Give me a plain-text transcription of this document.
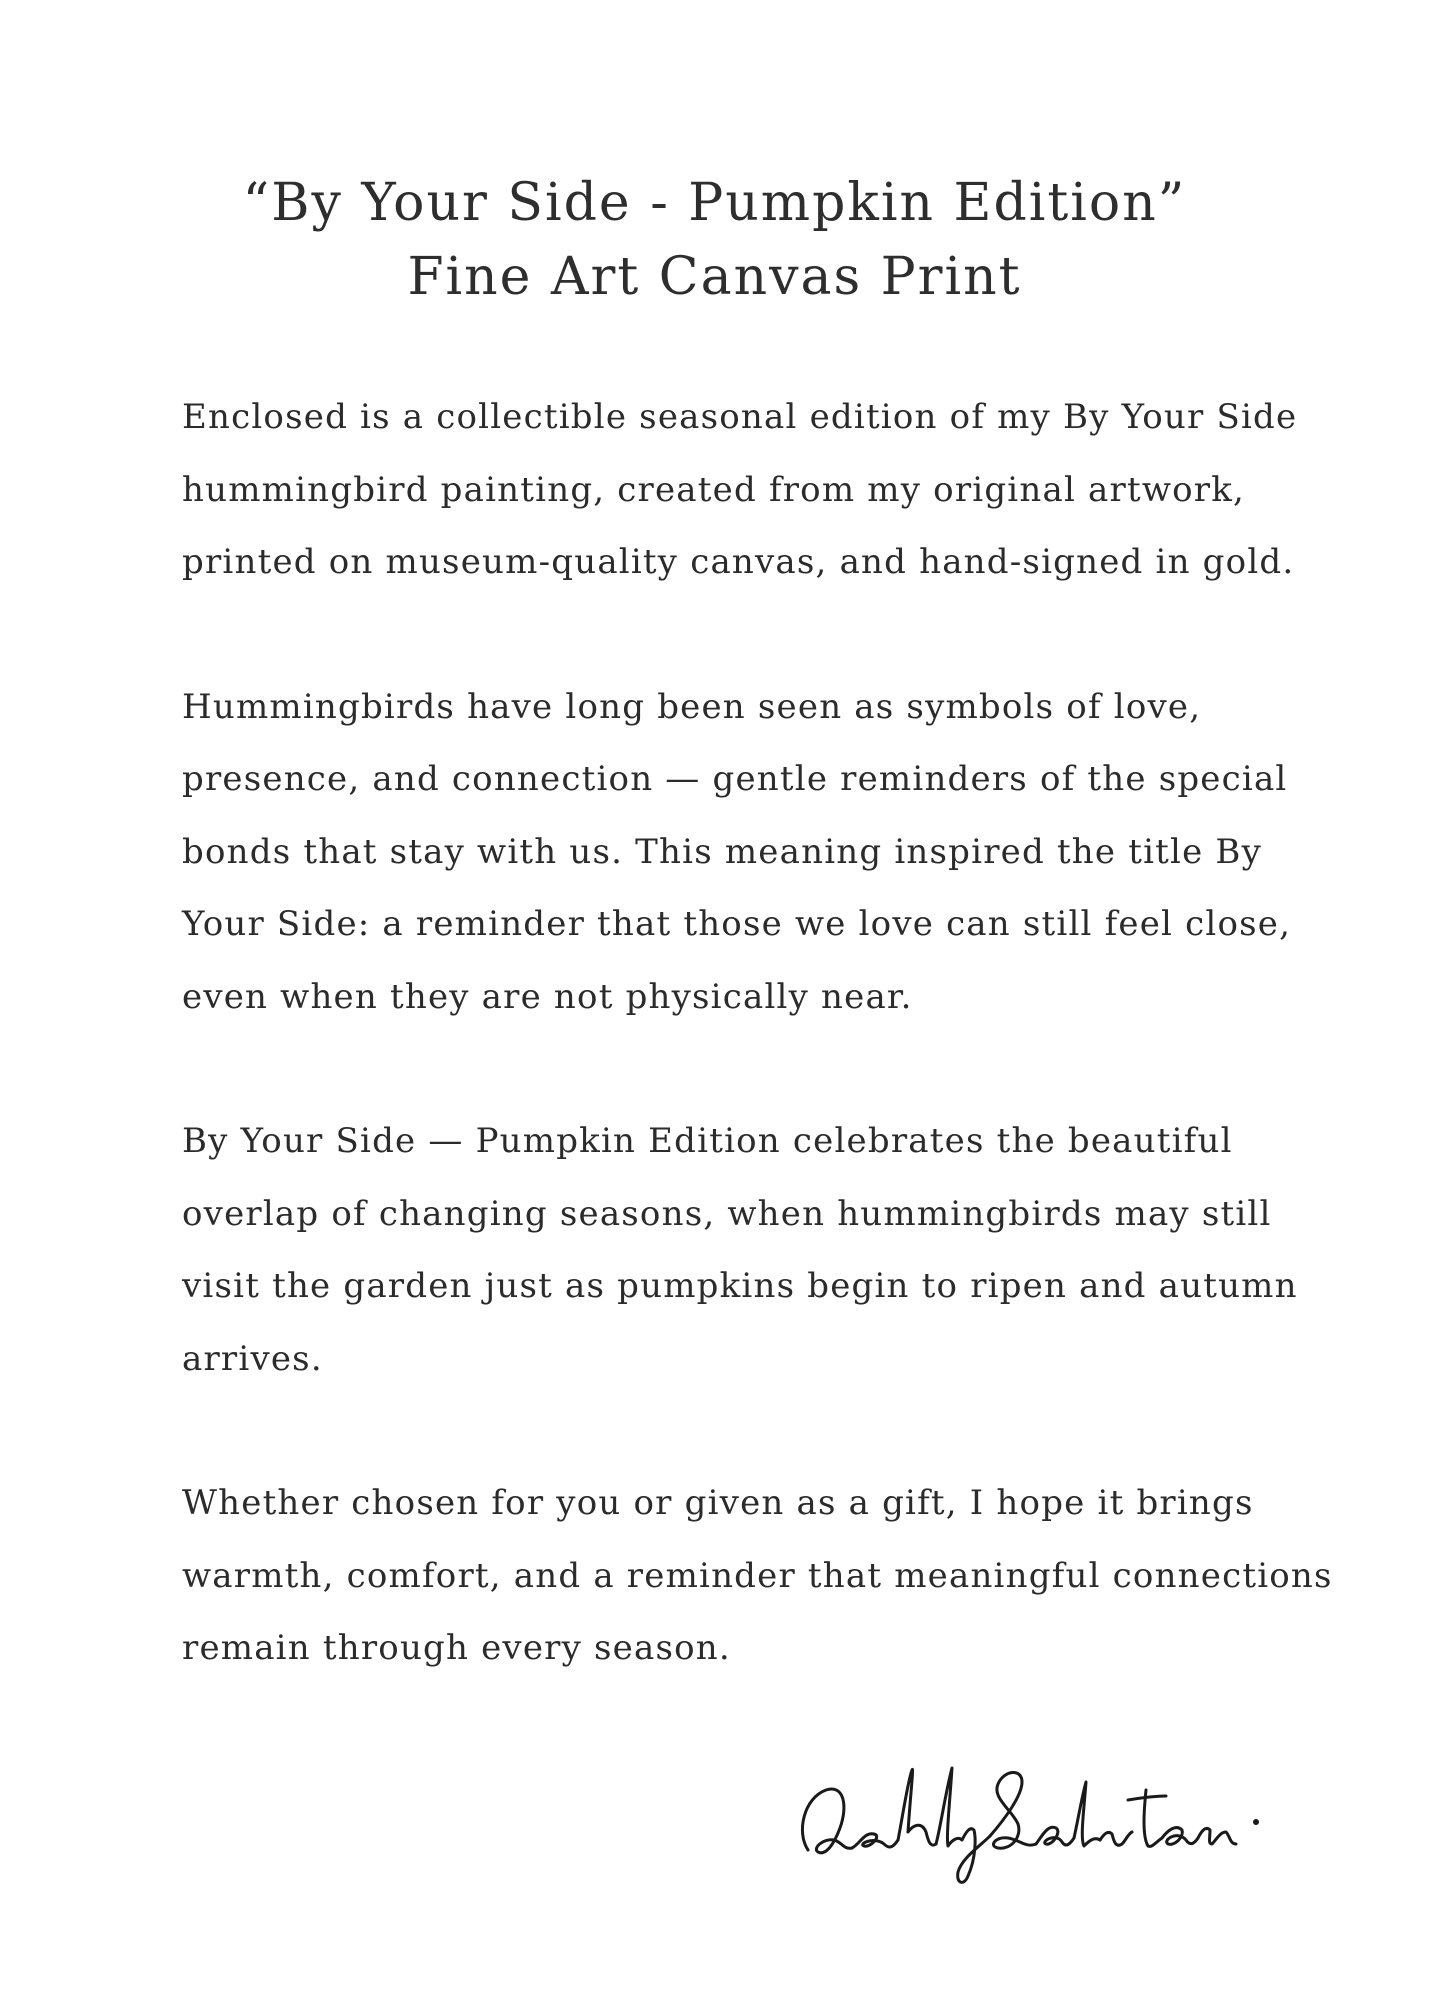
“By Your Side - Pumpkin Edition”
Fine Art Canvas Print

Enclosed is a collectible seasonal edition of my By Your Side hummingbird painting, created from my original artwork, printed on museum-quality canvas, and hand-signed in gold.

Hummingbirds have long been seen as symbols of love, presence, and connection — gentle reminders of the special bonds that stay with us. This meaning inspired the title By Your Side: a reminder that those we love can still feel close, even when they are not physically near.

By Your Side — Pumpkin Edition celebrates the beautiful overlap of changing seasons, when hummingbirds may still visit the garden just as pumpkins begin to ripen and autumn arrives.

Whether chosen for you or given as a gift, I hope it brings warmth, comfort, and a reminder that meaningful connections remain through every season.
